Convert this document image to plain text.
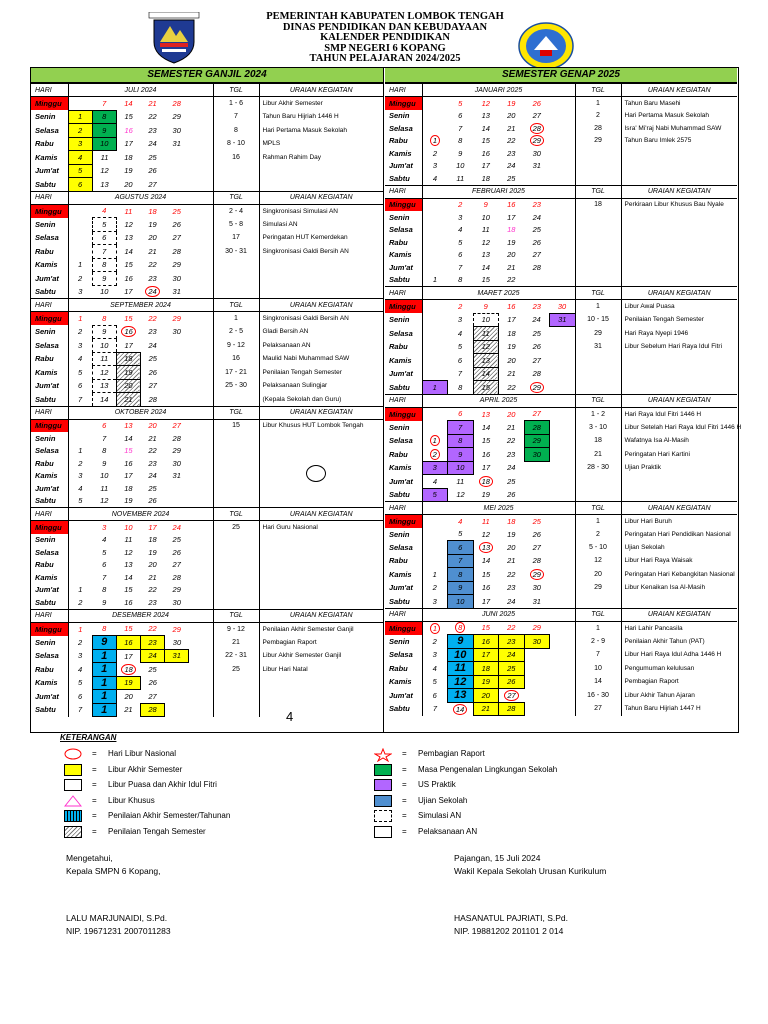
PEMERINTAH KABUPATEN LOMBOK TENGAH
DINAS PENDIDIKAN DAN KEBUDAYAAN
KALENDER PENDIDIKAN
SMP NEGERI 6 KOPANG
TAHUN PELAJARAN 2024/2025
SEMESTER GANJIL 2024
HARI	JULI 2024						TGL	URAIAN KEGIATAN
Minggu		7	14	21	28		1 - 6	Libur Akhir Semester
Senin	1	8	15	22	29		7	Tahun Baru Hijriah 1446 H
Selasa	2	9	16	23	30		8	Hari Pertama Masuk Sekolah
Rabu	3	10	17	24	31		8 - 10	MPLS
Kamis	4	11	18	25			16	Rahman Rahim Day
Jum'at	5	12	19	26				
Sabtu	6	13	20	27				
HARI	AGUSTUS 2024						TGL	URAIAN KEGIATAN
Minggu		4	11	18	25		2 - 4	Singkronisasi Simulasi AN
Senin		5	12	19	26		5 - 8	Simulasi AN
Selasa		6	13	20	27		17	Peringatan HUT Kemerdekan
Rabu		7	14	21	28		30 - 31	Singkronisasi Galdi Bersih AN
Kamis	1	8	15	22	29			
Jum'at	2	9	16	23	30			
Sabtu	3	10	17	24	31			
HARI	SEPTEMBER 2024						TGL	URAIAN KEGIATAN
Minggu	1	8	15	22	29		1	Singkronisasi Galdi Bersih AN
Senin	2	9	16	23	30		2 - 5	Gladi Bersih AN
Selasa	3	10	17	24			9 - 12	Pelaksanaan AN
Rabu	4	11	18	25			16	Maulid Nabi Muhammad SAW
Kamis	5	12	19	26			17 - 21	Penilaian Tengah Semester
Jum'at	6	13	20	27			25 - 30	Pelaksanaan Sulingjar
Sabtu	7	14	21	28				(Kepala Sekolah dan Guru)
HARI	OKTOBER 2024						TGL	URAIAN KEGIATAN
Minggu		6	13	20	27		15	Libur Khusus HUT Lombok Tengah
Senin		7	14	21	28			
Selasa	1	8	15	22	29			
Rabu	2	9	16	23	30			
Kamis	3	10	17	24	31			
Jum'at	4	11	18	25				
Sabtu	5	12	19	26				
HARI	NOVEMBER 2024						TGL	URAIAN KEGIATAN
Minggu		3	10	17	24		25	Hari Guru Nasional
Senin		4	11	18	25			
Selasa		5	12	19	26			
Rabu		6	13	20	27			
Kamis		7	14	21	28			
Jum'at	1	8	15	22	29			
Sabtu	2	9	16	23	30			
HARI	DESEMBER 2024						TGL	URAIAN KEGIATAN
Minggu	1	8	15	22	29		9 - 12	Penilaian Akhir Semester Ganjil
Senin	2	9	16	23	30		21	Pembagian Raport
Selasa	3	1	17	24	31		22 - 31	Libur Akhir Semester Ganjil
Rabu	4	1	18	25			25	Libur Hari Natal
Kamis	5	1	19	26				
Jum'at	6	1	20	27				
Sabtu	7	1	21	28				
SEMESTER GENAP 2025
HARI	JANUARI 2025						TGL	URAIAN KEGIATAN
Minggu		5	12	19	26		1	Tahun Baru Masehi
Senin		6	13	20	27		2	Hari Pertama Masuk Sekolah
Selasa		7	14	21	28		28	Isra' Mi'raj Nabi Muhammad SAW
Rabu	1	8	15	22	29		29	Tahun Baru Imlek 2575
Kamis	2	9	16	23	30			
Jum'at	3	10	17	24	31			
Sabtu	4	11	18	25				
HARI	FEBRUARI 2025						TGL	URAIAN KEGIATAN
Minggu		2	9	16	23		18	Perkiraan Libur Khusus Bau Nyale
Senin		3	10	17	24			
Selasa		4	11	18	25			
Rabu		5	12	19	26			
Kamis		6	13	20	27			
Jum'at		7	14	21	28			
Sabtu	1	8	15	22				
HARI	MARET 2025						TGL	URAIAN KEGIATAN
Minggu		2	9	16	23	30	1	Libur Awal Puasa
Senin		3	10	17	24	31	10 - 15	Penilaian Tengah Semester
Selasa		4	11	18	25		29	Hari Raya Nyepi 1946
Rabu		5	12	19	26		31	Libur Sebelum Hari Raya Idul Fitri
Kamis		6	13	20	27			
Jum'at		7	14	21	28			
Sabtu	1	8	15	22	29			
HARI	APRIL 2025						TGL	URAIAN KEGIATAN
Minggu		6	13	20	27		1 - 2	Hari Raya Idul Fitri 1446 H
Senin		7	14	21	28		3 - 10	Libur Setelah Hari Raya Idul Fitri 1446 H
Selasa	1	8	15	22	29		18	Wafatnya Isa Al-Masih
Rabu	2	9	16	23	30		21	Peringatan Hari Kartini
Kamis	3	10	17	24			28 - 30	Ujian Praktik
Jum'at	4	11	18	25				
Sabtu	5	12	19	26				
HARI	MEI 2025						TGL	URAIAN KEGIATAN
Minggu		4	11	18	25		1	Libur Hari Buruh
Senin		5	12	19	26		2	Peringatan Hari Pendidikan Nasional
Selasa		6	13	20	27		5 - 10	Ujian Sekolah
Rabu		7	14	21	28		12	Libur Hari Raya Waisak
Kamis	1	8	15	22	29		20	Peringatan Hari Kebangkitan Nasional
Jum'at	2	9	16	23	30		29	Libur Kenaikan Isa Al-Masih
Sabtu	3	10	17	24	31			
HARI	JUNI 2025						TGL	URAIAN KEGIATAN
Minggu	1	8	15	22	29		1	Hari Lahir Pancasila
Senin	2	9	16	23	30		2 - 9	Penilaian Akhir Tahun (PAT)
Selasa	3	10	17	24			7	Libur Hari Raya Idul Adha 1446 H
Rabu	4	11	18	25			10	Pengumuman kelulusan
Kamis	5	12	19	26			14	Pembagian Raport
Jum'at	6	13	20	27			16 - 30	Libur Akhir Tahun Ajaran
Sabtu	7	14	21	28			27	Tahun Baru Hijriah 1447 H
4
KETERANGAN
= Hari Libur Nasional
= Libur Akhir Semester
= Libur Puasa dan Akhir Idul Fitri
= Libur Khusus
= Penilaian Akhir Semester/Tahunan
= Penilaian Tengah Semester
= Pembagian Raport
= Masa Pengenalan Lingkungan Sekolah
= US Praktik
= Ujian Sekolah
= Simulasi AN
= Pelaksanaan AN
Mengetahui,
Kepala SMPN 6 Kopang,
LALU MARJUNAIDI, S.Pd.
NIP. 19671231 2007011283
Pajangan, 15 Juli 2024
Wakil Kepala Sekolah Urusan Kurikulum
HASANATUL PAJRIATI, S.Pd.
NIP. 19881202 201101 2 014
